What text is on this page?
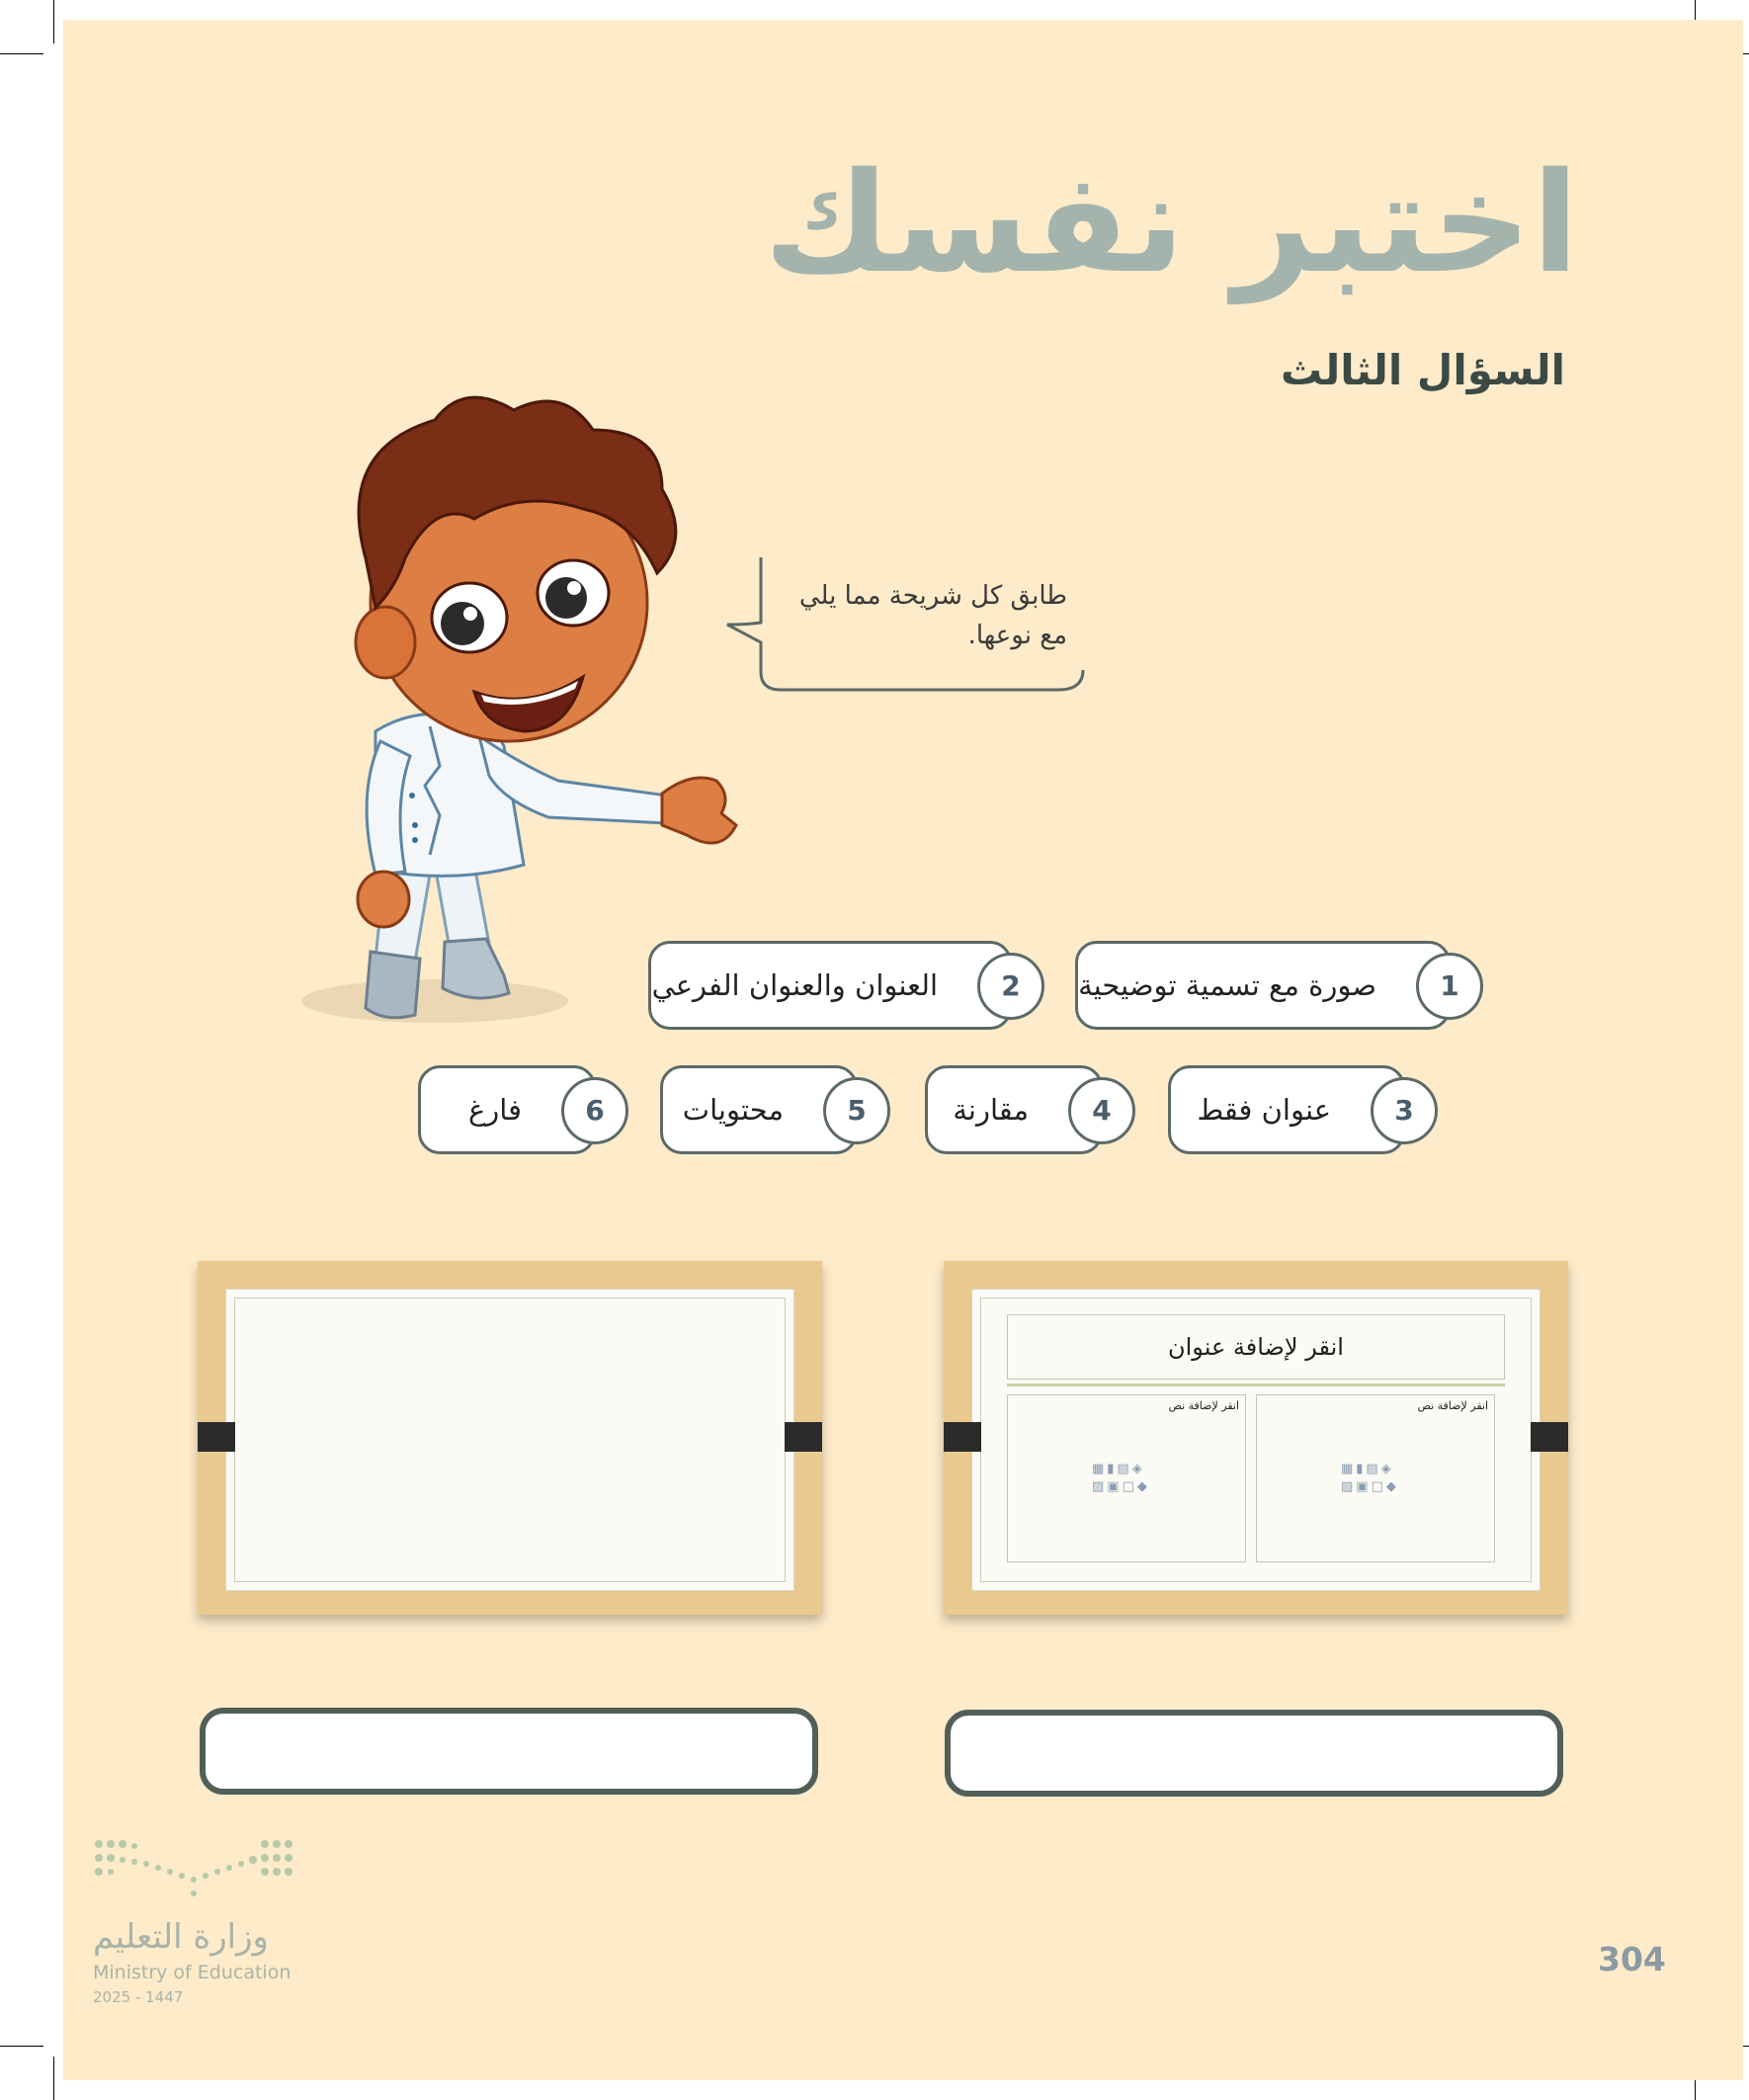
اختبر نفسك
السؤال الثالث
طابق كل شريحة مما يلي
مع نوعها.
صورة مع تسمية توضيحية	1
العنوان والعنوان الفرعي	2
عنوان فقط	3
مقارنة	4
محتويات	5
فارغ	6
انقر لإضافة عنوان
انقر لإضافة نص
▦▮▤◈
▨▣□◆
انقر لإضافة نص
▦▮▤◈
▨▣□◆
وزارة التعليم
Ministry of Education
2025 - 1447
304
